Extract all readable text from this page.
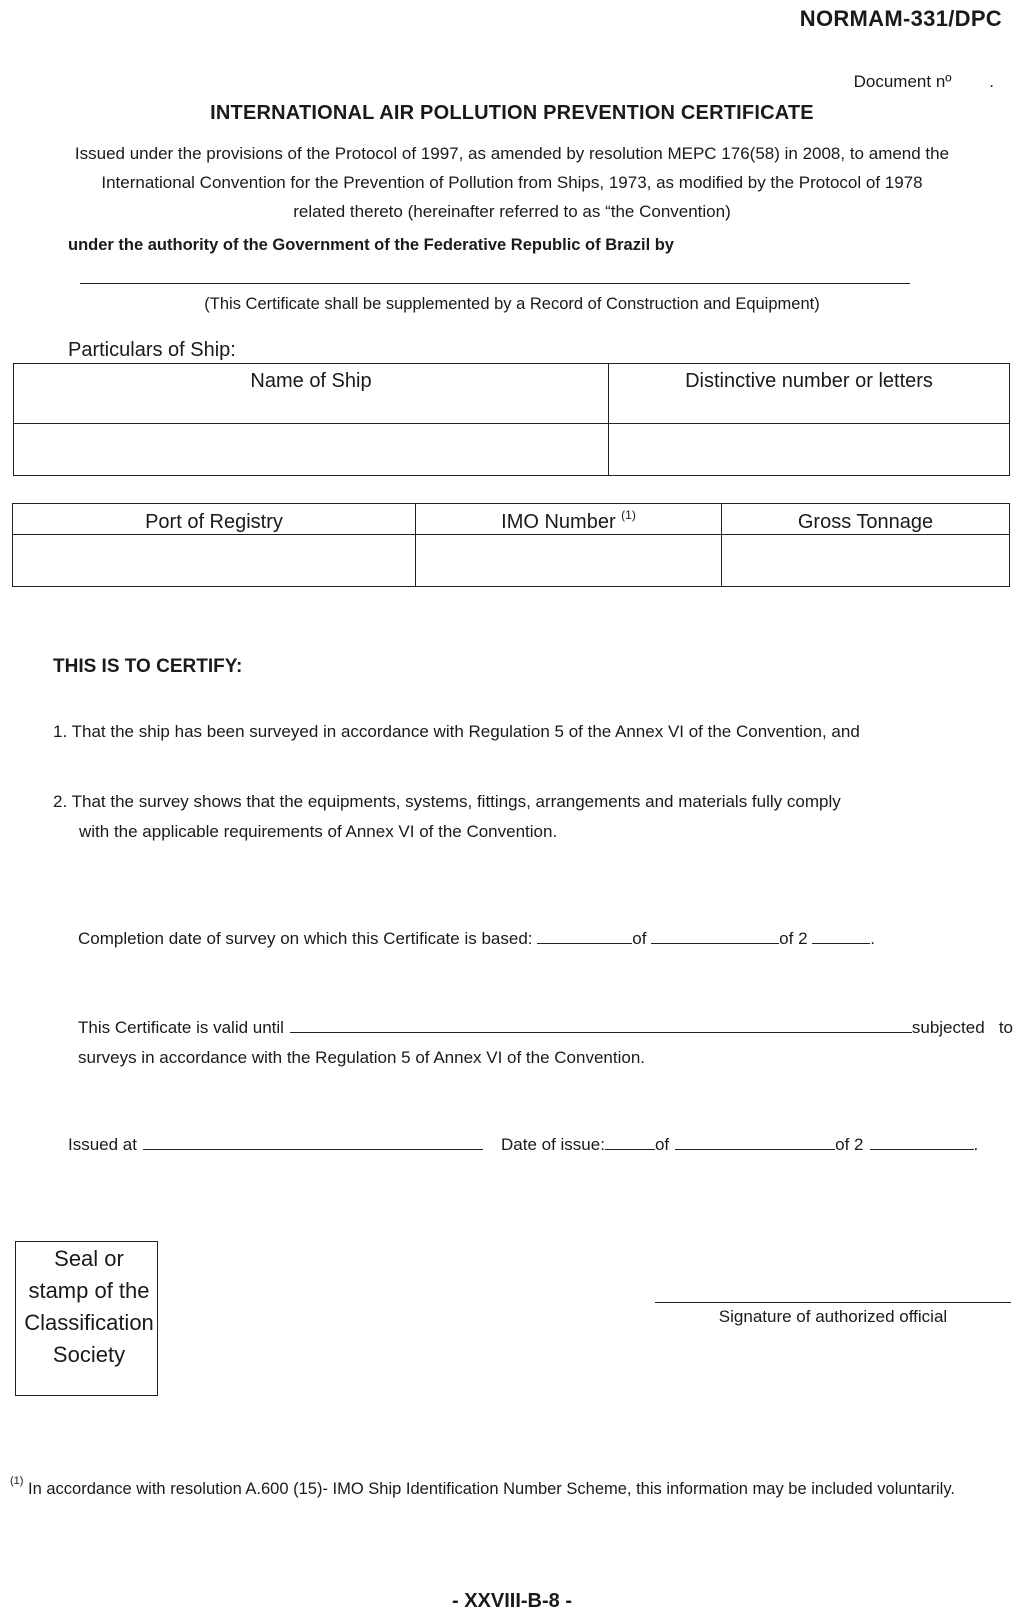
NORMAM-331/DPC
Document nº        .
INTERNATIONAL AIR POLLUTION PREVENTION CERTIFICATE
Issued under the provisions of the Protocol of 1997, as amended by resolution MEPC 176(58) in 2008, to amend the
International Convention for the Prevention of Pollution from Ships, 1973, as modified by the Protocol of 1978
related thereto (hereinafter referred to as “the Convention)
under the authority of the Government of the Federative Republic of Brazil by
(This Certificate shall be supplemented by a Record of Construction and Equipment)
Particulars of Ship:
Name of Ship	Distinctive number or letters

Port of Registry	IMO Number $^{(1)}$	Gross Tonnage

THIS IS TO CERTIFY:
1. That the ship has been surveyed in accordance with Regulation 5 of the Annex VI of the Convention, and
2. That the survey shows that the equipments, systems, fittings, arrangements and materials fully comply
with the applicable requirements of Annex VI of the Convention.
Completion date of survey on which this Certificate is based:	of	of 2	.
This Certificate is valid until	subjected   to
surveys in accordance with the Regulation 5 of Annex VI of the Convention.
Issued at	Date of issue:	of	of 2	.
Seal or
stamp of the
Classification
Society
Signature of authorized official
$^{(1)}$ In accordance with resolution A.600 (15)- IMO Ship Identification Number Scheme, this information may be included voluntarily.
- XXVIII-B-8 -
